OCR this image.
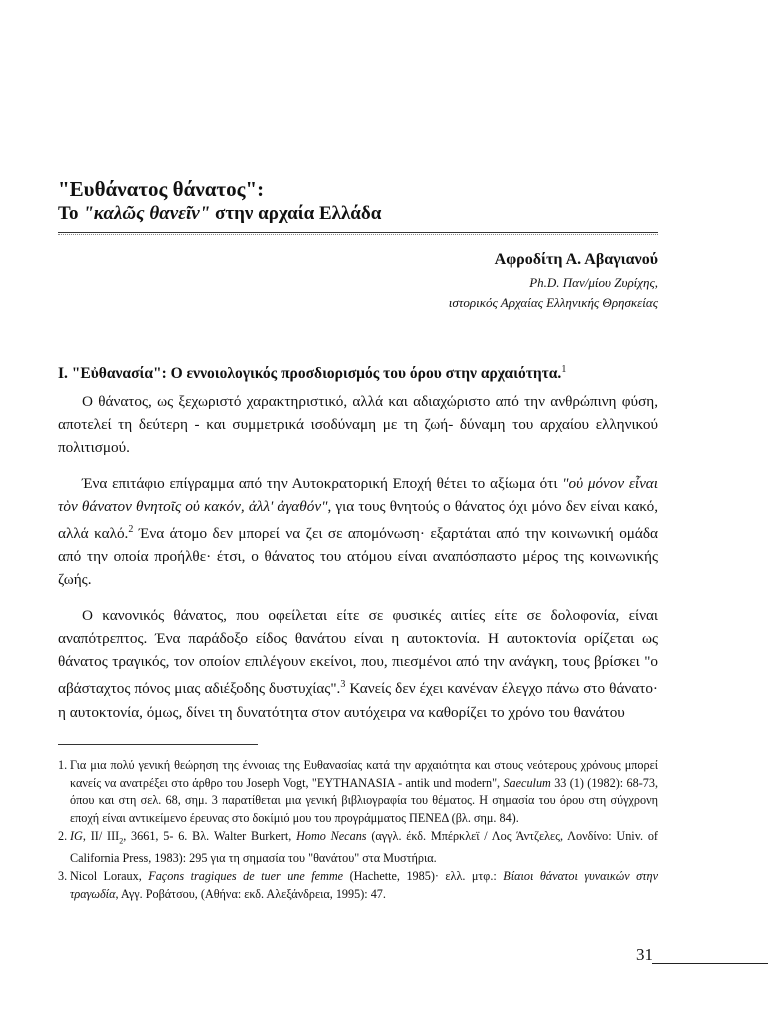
"Ευθάνατος θάνατος":
Το "καλῶς θανεῖν" στην αρχαία Ελλάδα
Αφροδίτη Α. Αβαγιανού
Ph.D. Παν/μίου Ζυρίχης,
ιστορικός Αρχαίας Ελληνικής Θρησκείας
Ι. "Εὐθανασία": Ο εννοιολογικός προσδιορισμός του όρου στην αρχαιότητα.$^1$

Ο θάνατος, ως ξεχωριστό χαρακτηριστικό, αλλά και αδιαχώριστο από την ανθρώπινη φύση, αποτελεί τη δεύτερη - και συμμετρικά ισοδύναμη με τη ζωή- δύναμη του αρχαίου ελληνικού πολιτισμού.

Ένα επιτάφιο επίγραμμα από την Αυτοκρατορική Εποχή θέτει το αξίωμα ότι "οὐ μόνον εἶναι τὸν θάνατον θνητοῖς οὐ κακόν, ἀλλ' ἀγαθόν", για τους θνητούς ο θάνατος όχι μόνο δεν είναι κακό, αλλά καλό.$^2$ Ένα άτομο δεν μπορεί να ζει σε απομόνωση· εξαρτάται από την κοινωνική ομάδα από την οποία προήλθε· έτσι, ο θάνατος του ατόμου είναι αναπόσπαστο μέρος της κοινωνικής ζωής.

Ο κανονικός θάνατος, που οφείλεται είτε σε φυσικές αιτίες είτε σε δολοφονία, είναι αναπότρεπτος. Ένα παράδοξο είδος θανάτου είναι η αυτοκτονία. Η αυτοκτονία ορίζεται ως θάνατος τραγικός, τον οποίον επιλέγουν εκείνοι, που, πιεσμένοι από την ανάγκη, τους βρίσκει "ο αβάσταχτος πόνος μιας αδιέξοδης δυστυχίας".$^3$ Κανείς δεν έχει κανέναν έλεγχο πάνω στο θάνατο· η αυτοκτονία, όμως, δίνει τη δυνατότητα στον αυτόχειρα να καθορίζει το χρόνο του θανάτου

1. Για μια πολύ γενική θεώρηση της έννοιας της Ευθανασίας κατά την αρχαιότητα και στους νεότερους χρόνους μπορεί κανείς να ανατρέξει στο άρθρο του Joseph Vogt, "EYTHANASIA - antik und modern", Saeculum 33 (1) (1982): 68-73, όπου και στη σελ. 68, σημ. 3 παρατίθεται μια γενική βιβλιογραφία του θέματος. Η σημασία του όρου στη σύγχρονη εποχή είναι αντικείμενο έρευνας στο δοκίμιό μου του προγράμματος ΠΕΝΕΔ (βλ. σημ. 84).
2. IG, II/ $III_2$, 3661, 5- 6. Βλ. Walter Burkert, Homo Necans (αγγλ. έκδ. Μπέρκλεϊ / Λος Άντζελες, Λονδίνο: Univ. of California Press, 1983): 295 για τη σημασία του "θανάτου" στα Μυστήρια.
3. Nicol Loraux, Façons tragiques de tuer une femme (Hachette, 1985)· ελλ. μτφ.: Βίαιοι θάνατοι γυναικών στην τραγωδία, Αγγ. Ροβάτσου, (Αθήνα: εκδ. Αλεξάνδρεια, 1995): 47.
31
